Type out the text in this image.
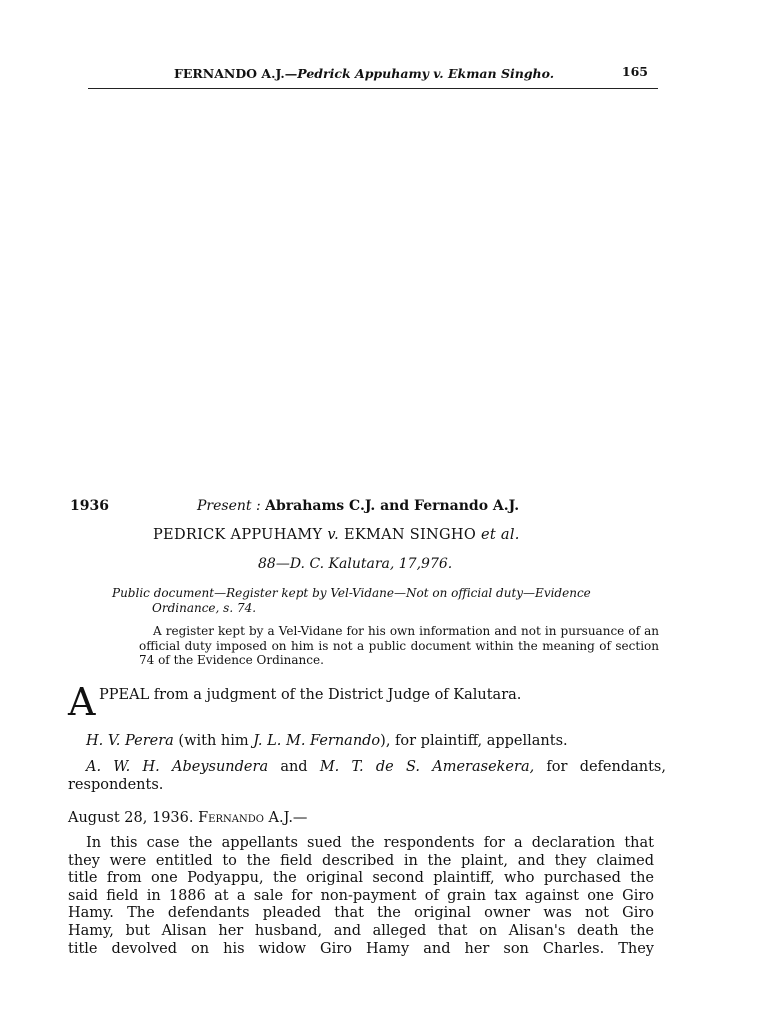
FERNANDO A.J.—Pedrick Appuhamy v. Ekman Singho.	165
1936	Present : Abrahams C.J. and Fernando A.J.
PEDRICK APPUHAMY v. EKMAN SINGHO et al.
88—D. C. Kalutara, 17,976.
Public document—Register kept by Vel-Vidane—Not on official duty—Evidence
Ordinance, s. 74.
A register kept by a Vel-Vidane for his own information and not in pursuance of an official duty imposed on him is not a public document within the meaning of section 74 of the Evidence Ordinance.
A PPEAL from a judgment of the District Judge of Kalutara.
H. V. Perera (with him J. L. M. Fernando), for plaintiff, appellants.
A. W. H. Abeysundera and M. T. de S. Amerasekera, for defendants, respondents.
August 28, 1936. Fernando A.J.—
In this case the appellants sued the respondents for a declaration that
they were entitled to the field described in the plaint, and they claimed
title from one Podyappu, the original second plaintiff, who purchased the
said field in 1886 at a sale for non-payment of grain tax against one Giro
Hamy. The defendants pleaded that the original owner was not Giro
Hamy, but Alisan her husband, and alleged that on Alisan's death the
title devolved on his widow Giro Hamy and her son Charles. They
